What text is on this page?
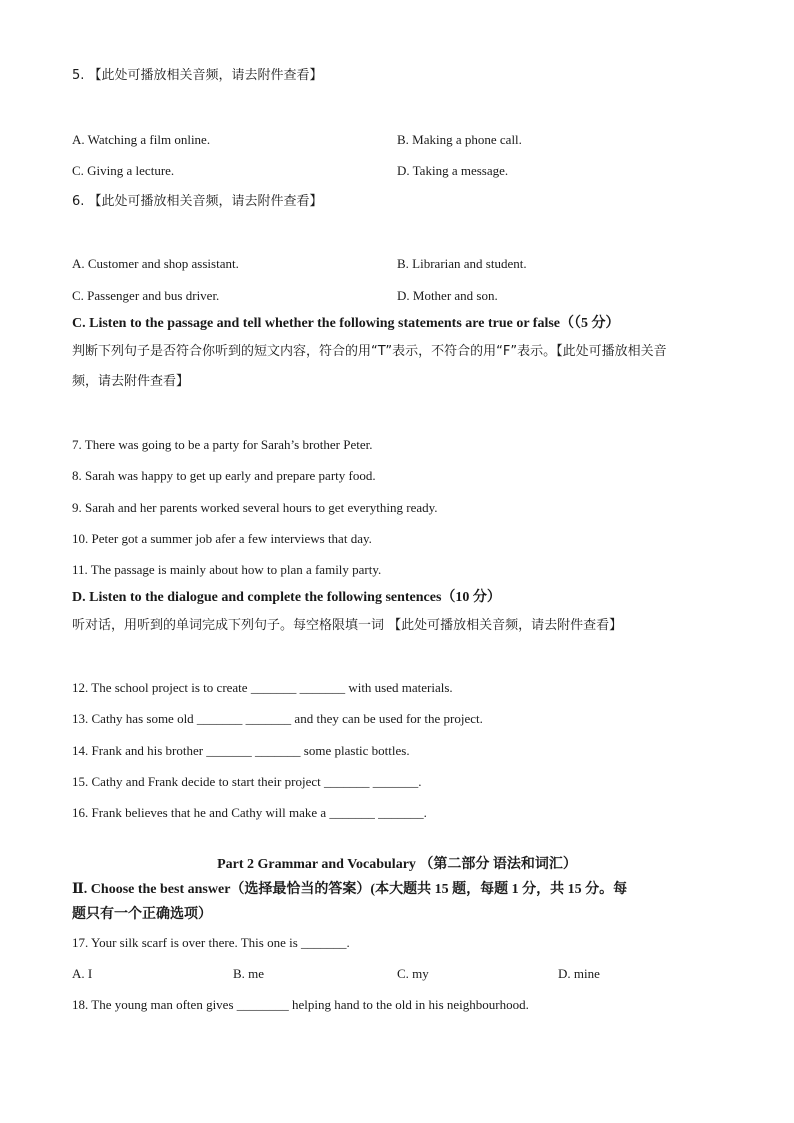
5. 【此处可播放相关音频，请去附件查看】
A. Watching a film online.	B. Making a phone call.
C. Giving a lecture.	D. Taking a message.
6. 【此处可播放相关音频，请去附件查看】
A. Customer and shop assistant.	B. Librarian and student.
C. Passenger and bus driver.	D. Mother and son.
C. Listen to the passage and tell whether the following statements are true or false（（5 分）
判断下列句子是否符合你听到的短文内容，符合的用“T”表示，不符合的用“F”表示。【此处可播放相关音
频，请去附件查看】
7. There was going to be a party for Sarah’s brother Peter.
8. Sarah was happy to get up early and prepare party food.
9. Sarah and her parents worked several hours to get everything ready.
10. Peter got a summer job afer a few interviews that day.
11. The passage is mainly about how to plan a family party.
D. Listen to the dialogue and complete the following sentences（10 分）
听对话，用听到的单词完成下列句子。每空格限填一词 【此处可播放相关音频，请去附件查看】
12. The school project is to create _______ _______ with used materials.
13. Cathy has some old _______ _______ and they can be used for the project.
14. Frank and his brother _______ _______ some plastic bottles.
15. Cathy and Frank decide to start their project _______ _______.
16. Frank believes that he and Cathy will make a _______ _______.
Part 2 Grammar and Vocabulary （第二部分 语法和词汇）
Ⅱ. Choose the best answer（选择最恰当的答案）(本大题共 15 题，每题 1 分，共 15 分。每
题只有一个正确选项）
17. Your silk scarf is over there. This one is _______.
A. I	B. me	C. my	D. mine
18. The young man often gives ________ helping hand to the old in his neighbourhood.
